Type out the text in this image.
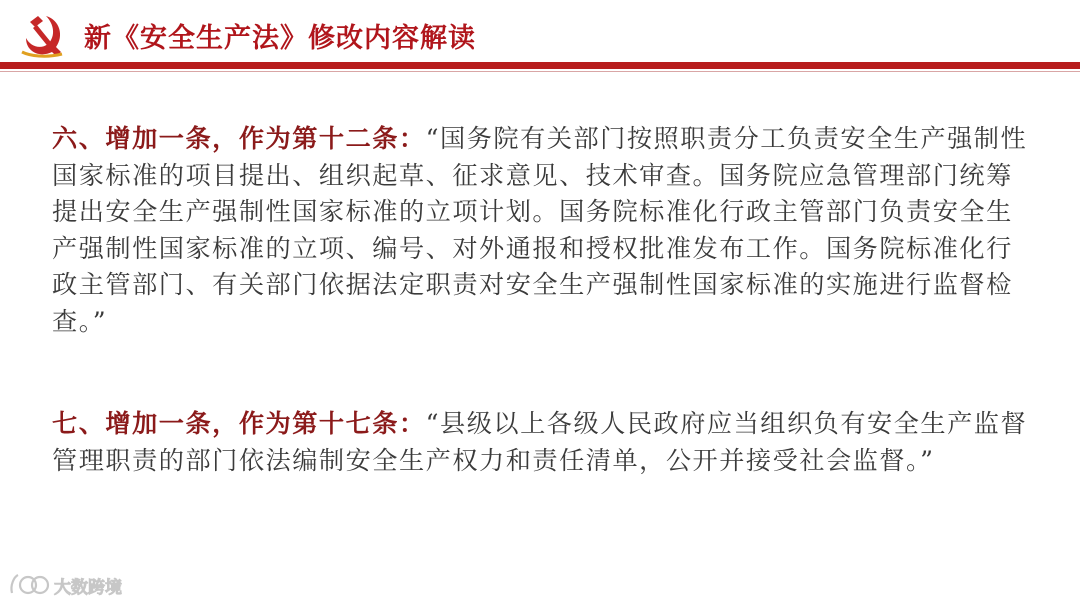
新《安全生产法》修改内容解读

六、增加一条，作为第十二条：“国务院有关部门按照职责分工负责安全生产强制性国家标准的项目提出、组织起草、征求意见、技术审查。国务院应急管理部门统筹提出安全生产强制性国家标准的立项计划。国务院标准化行政主管部门负责安全生产强制性国家标准的立项、编号、对外通报和授权批准发布工作。国务院标准化行政主管部门、有关部门依据法定职责对安全生产强制性国家标准的实施进行监督检查。”

七、增加一条，作为第十七条：“县级以上各级人民政府应当组织负有安全生产监督管理职责的部门依法编制安全生产权力和责任清单，公开并接受社会监督。”

大数跨境
